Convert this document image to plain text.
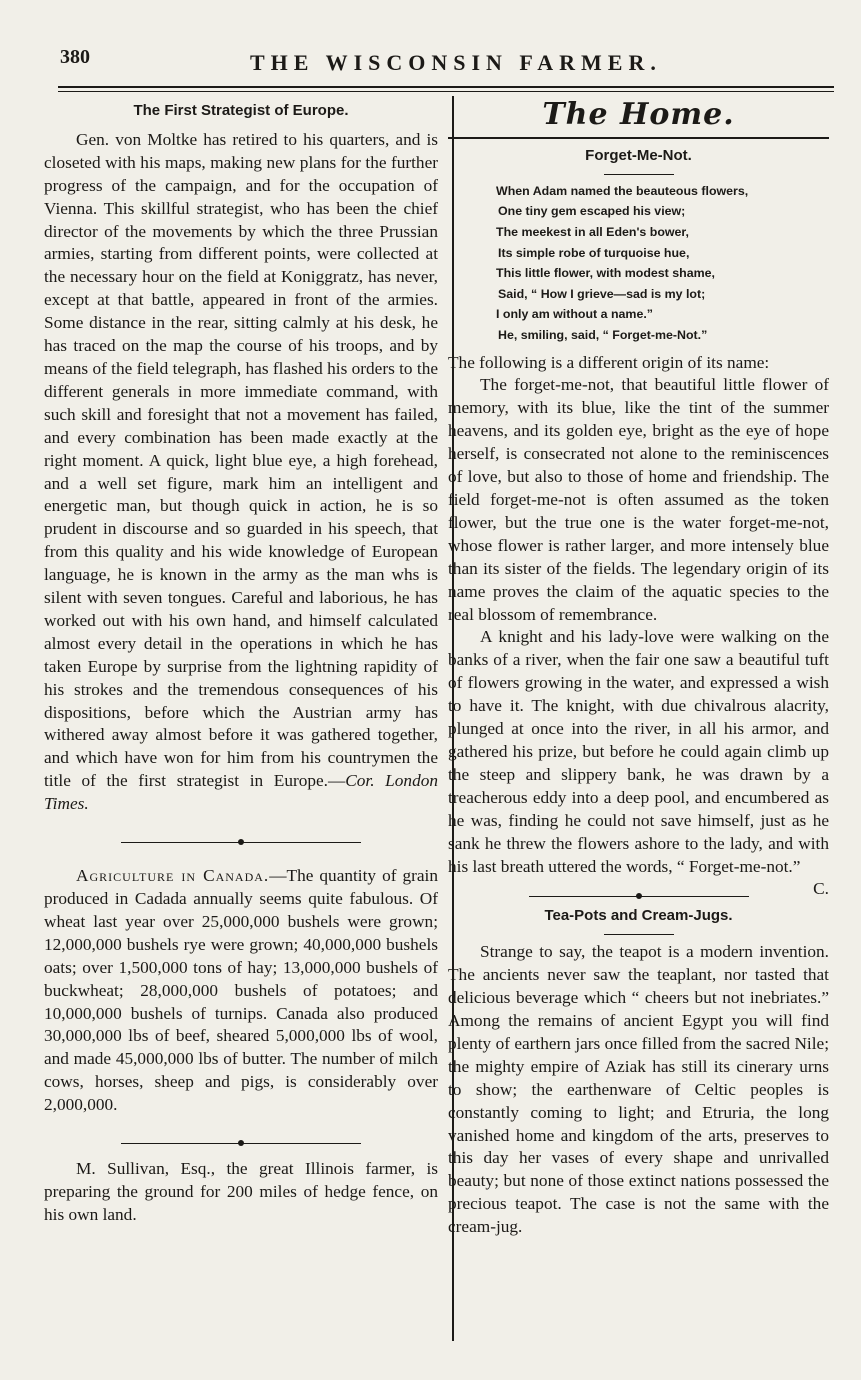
380	THE WISCONSIN FARMER.
The First Strategist of Europe.

Gen. von Moltke has retired to his quarters, and is closeted with his maps, making new plans for the further progress of the campaign, and for the occupation of Vienna. This skillful strategist, who has been the chief director of the movements by which the three Prussian armies, starting from different points, were collected at the necessary hour on the field at Koniggratz, has never, except at that battle, appeared in front of the armies. Some distance in the rear, sitting calmly at his desk, he has traced on the map the course of his troops, and by means of the field telegraph, has flashed his orders to the different generals in more immediate command, with such skill and foresight that not a movement has failed, and every combination has been made exactly at the right moment. A quick, light blue eye, a high forehead, and a well set figure, mark him an intelligent and energetic man, but though quick in action, he is so prudent in discourse and so guarded in his speech, that from this quality and his wide knowledge of European language, he is known in the army as the man whs is silent with seven tongues. Careful and laborious, he has worked out with his own hand, and himself calculated almost every detail in the operations in which he has taken Europe by surprise from the lightning rapidity of his strokes and the tremendous consequences of his dispositions, before which the Austrian army has withered away almost before it was gathered together, and which have won for him from his countrymen the title of the first strategist in Europe.—Cor. London Times.

Agriculture in Canada.—The quantity of grain produced in Cadada annually seems quite fabulous. Of wheat last year over 25,000,000 bushels were grown; 12,000,000 bushels rye were grown; 40,000,000 bushels oats; over 1,500,000 tons of hay; 13,000,000 bushels of buckwheat; 28,000,000 bushels of potatoes; and 10,000,000 bushels of turnips. Canada also produced 30,000,000 lbs of beef, sheared 5,000,000 lbs of wool, and made 45,000,000 lbs of butter. The number of milch cows, horses, sheep and pigs, is considerably over 2,000,000.

M. Sullivan, Esq., the great Illinois farmer, is preparing the ground for 200 miles of hedge fence, on his own land.

The Home.
Forget-Me-Not.
When Adam named the beauteous flowers,
One tiny gem escaped his view;
The meekest in all Eden's bower,
Its simple robe of turquoise hue,
This little flower, with modest shame,
Said, “ How I grieve—sad is my lot;
I only am without a name.”
He, smiling, said, “ Forget-me-Not.”

The following is a different origin of its name:

The forget-me-not, that beautiful little flower of memory, with its blue, like the tint of the summer heavens, and its golden eye, bright as the eye of hope herself, is consecrated not alone to the reminiscences of love, but also to those of home and friendship. The field forget-me-not is often assumed as the token flower, but the true one is the water forget-me-not, whose flower is rather larger, and more intensely blue than its sister of the fields. The legendary origin of its name proves the claim of the aquatic species to the real blossom of remembrance.

A knight and his lady-love were walking on the banks of a river, when the fair one saw a beautiful tuft of flowers growing in the water, and expressed a wish to have it. The knight, with due chivalrous alacrity, plunged at once into the river, in all his armor, and gathered his prize, but before he could again climb up the steep and slippery bank, he was drawn by a treacherous eddy into a deep pool, and encumbered as he was, finding he could not save himself, just as he sank he threw the flowers ashore to the lady, and with his last breath uttered the words, “ Forget-me-not.”
C.

Tea-Pots and Cream-Jugs.

Strange to say, the teapot is a modern invention. The ancients never saw the teaplant, nor tasted that delicious beverage which “ cheers but not inebriates.” Among the remains of ancient Egypt you will find plenty of earthern jars once filled from the sacred Nile; the mighty empire of Aziak has still its cinerary urns to show; the earthenware of Celtic peoples is constantly coming to light; and Etruria, the long vanished home and kingdom of the arts, preserves to this day her vases of every shape and unrivalled beauty; but none of those extinct nations possessed the precious teapot. The case is not the same with the cream-jug.
